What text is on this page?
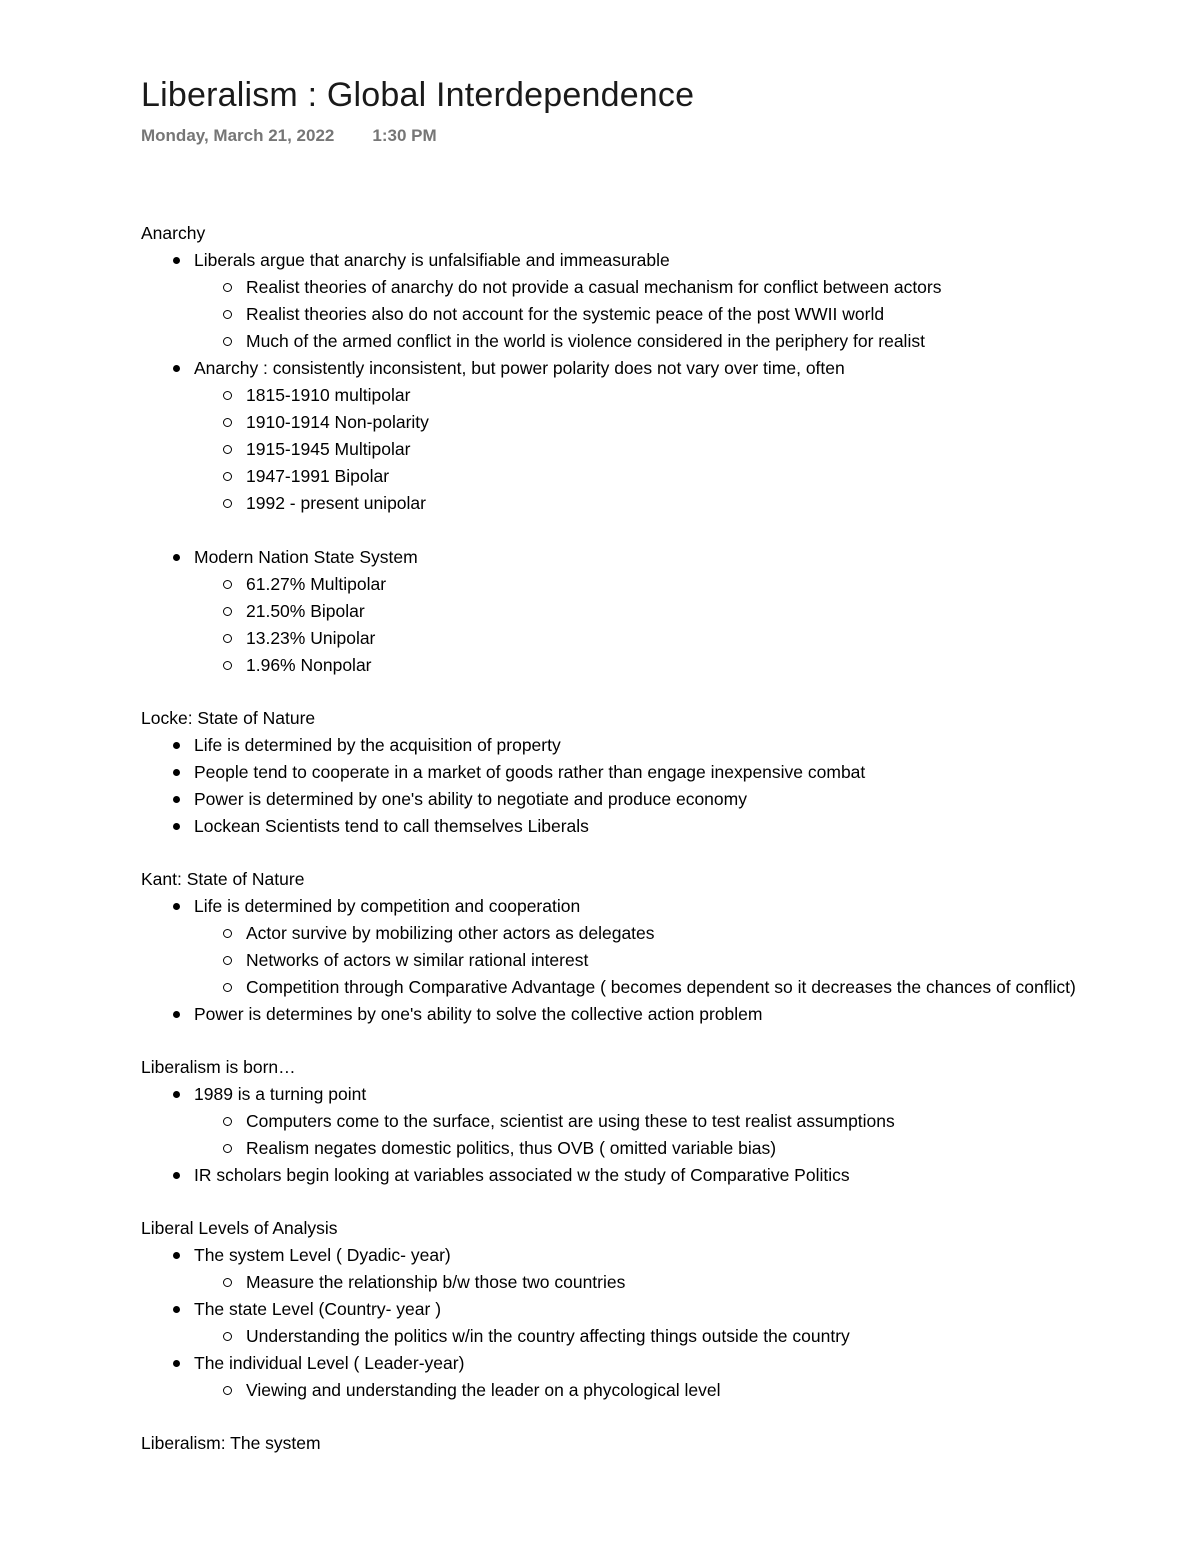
Liberalism : Global Interdependence
Monday, March 21, 2022 1:30 PM
Anarchy
Liberals argue that anarchy is unfalsifiable and immeasurable
Realist theories of anarchy do not provide a casual mechanism for conflict between actors
Realist theories also do not account for the systemic peace of the post WWII world
Much of the armed conflict in the world is violence considered in the periphery for realist
Anarchy : consistently inconsistent, but power polarity does not vary over time, often
1815-1910 multipolar
1910-1914 Non-polarity
1915-1945 Multipolar
1947-1991 Bipolar
1992 - present unipolar
Modern Nation State System
61.27% Multipolar
21.50% Bipolar
13.23% Unipolar
1.96% Nonpolar
Locke: State of Nature
Life is determined by the acquisition of property
People tend to cooperate in a market of goods rather than engage inexpensive combat
Power is determined by one's ability to negotiate and produce economy
Lockean Scientists tend to call themselves Liberals
Kant: State of Nature
Life is determined by competition and cooperation
Actor survive by mobilizing other actors as delegates
Networks of actors w similar rational interest
Competition through Comparative Advantage ( becomes dependent so it decreases the chances of conflict)
Power is determines by one's ability to solve the collective action problem
Liberalism is born…
1989 is a turning point
Computers come to the surface, scientist are using these to test realist assumptions
Realism negates domestic politics, thus OVB ( omitted variable bias)
IR scholars begin looking at variables associated w the study of Comparative Politics
Liberal Levels of Analysis
The system Level ( Dyadic- year)
Measure the relationship b/w those two countries
The state Level (Country- year )
Understanding the politics w/in the country affecting things outside the country
The individual Level ( Leader-year)
Viewing and understanding the leader on a phycological level
Liberalism: The system
